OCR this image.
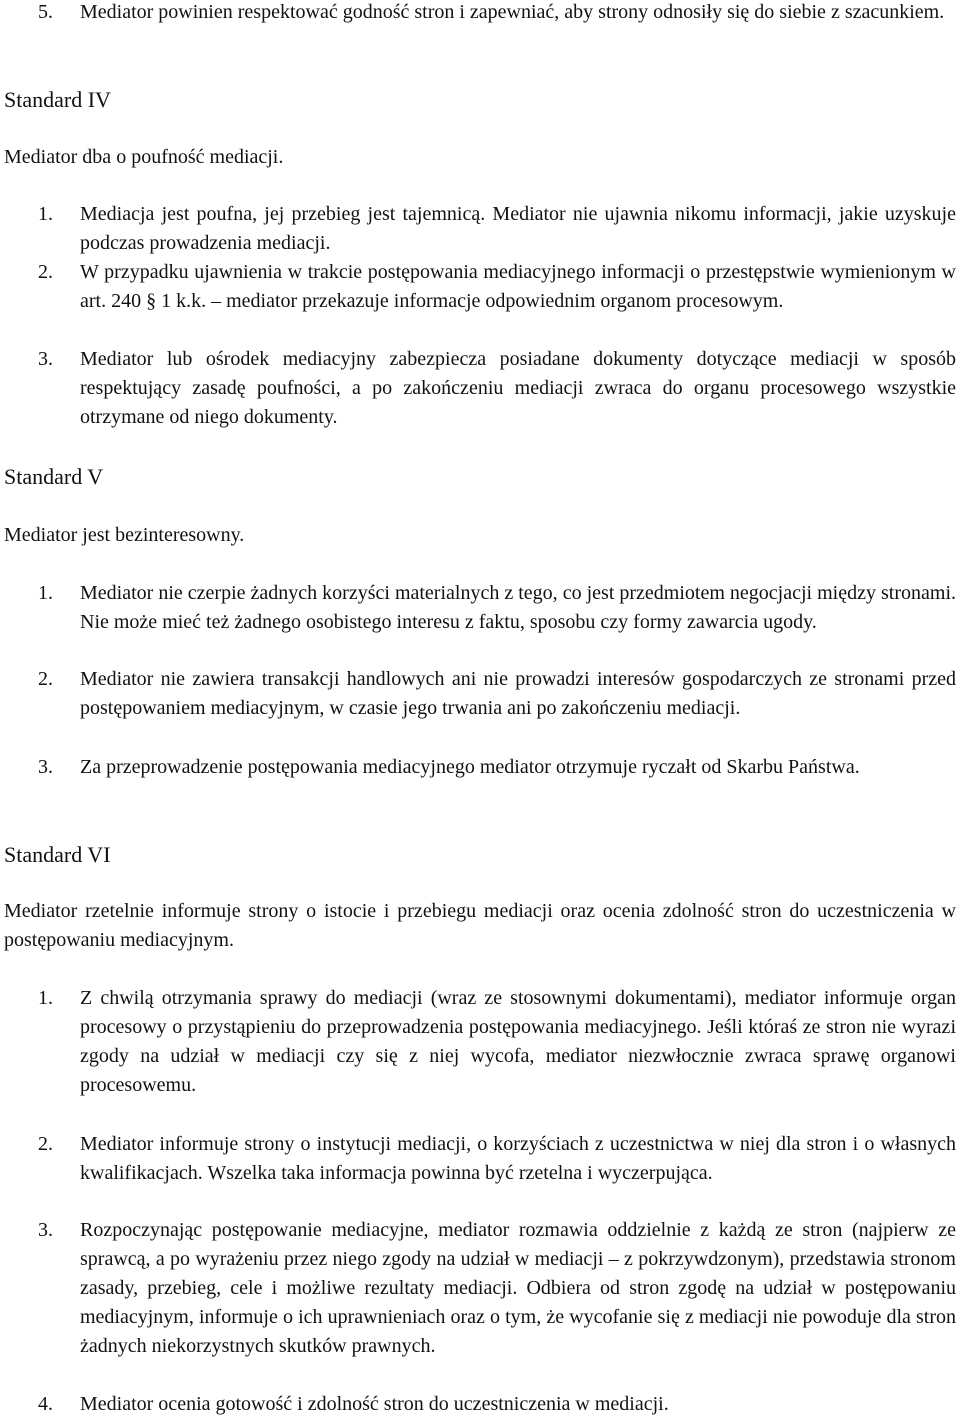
5.	Mediator powinien respektować godność stron i zapewniać, aby strony odnosiły się do siebie z szacunkiem.
Standard IV
Mediator dba o poufność mediacji.
1.	Mediacja jest poufna, jej przebieg jest tajemnicą. Mediator nie ujawnia nikomu informacji, jakie uzyskuje podczas prowadzenia mediacji.
2.	W przypadku ujawnienia w trakcie postępowania mediacyjnego informacji o przestępstwie wymienionym w art. 240 § 1 k.k. – mediator przekazuje informacje odpowiednim organom procesowym.
3.	Mediator lub ośrodek mediacyjny zabezpiecza posiadane dokumenty dotyczące mediacji w sposób respektujący zasadę poufności, a po zakończeniu mediacji zwraca do organu procesowego wszystkie otrzymane od niego dokumenty.
Standard V
Mediator jest bezinteresowny.
1.	Mediator nie czerpie żadnych korzyści materialnych z tego, co jest przedmiotem negocjacji między stronami. Nie może mieć też żadnego osobistego interesu z faktu, sposobu czy formy zawarcia ugody.
2.	Mediator nie zawiera transakcji handlowych ani nie prowadzi interesów gospodarczych ze stronami przed postępowaniem mediacyjnym, w czasie jego trwania ani po zakończeniu mediacji.
3.	Za przeprowadzenie postępowania mediacyjnego mediator otrzymuje ryczałt od Skarbu Państwa.
Standard VI
Mediator rzetelnie informuje strony o istocie i przebiegu mediacji oraz ocenia zdolność stron do uczestniczenia w postępowaniu mediacyjnym.
1.	Z chwilą otrzymania sprawy do mediacji (wraz ze stosownymi dokumentami), mediator informuje organ procesowy o przystąpieniu do przeprowadzenia postępowania mediacyjnego. Jeśli któraś ze stron nie wyrazi zgody na udział w mediacji czy się z niej wycofa, mediator niezwłocznie zwraca sprawę organowi procesowemu.
2.	Mediator informuje strony o instytucji mediacji, o korzyściach z uczestnictwa w niej dla stron i o własnych kwalifikacjach. Wszelka taka informacja powinna być rzetelna i wyczerpująca.
3.	Rozpoczynając postępowanie mediacyjne, mediator rozmawia oddzielnie z każdą ze stron (najpierw ze sprawcą, a po wyrażeniu przez niego zgody na udział w mediacji – z pokrzywdzonym), przedstawia stronom zasady, przebieg, cele i możliwe rezultaty mediacji. Odbiera od stron zgodę na udział w postępowaniu mediacyjnym, informuje o ich uprawnieniach oraz o tym, że wycofanie się z mediacji nie powoduje dla stron żadnych niekorzystnych skutków prawnych.
4.	Mediator ocenia gotowość i zdolność stron do uczestniczenia w mediacji.
